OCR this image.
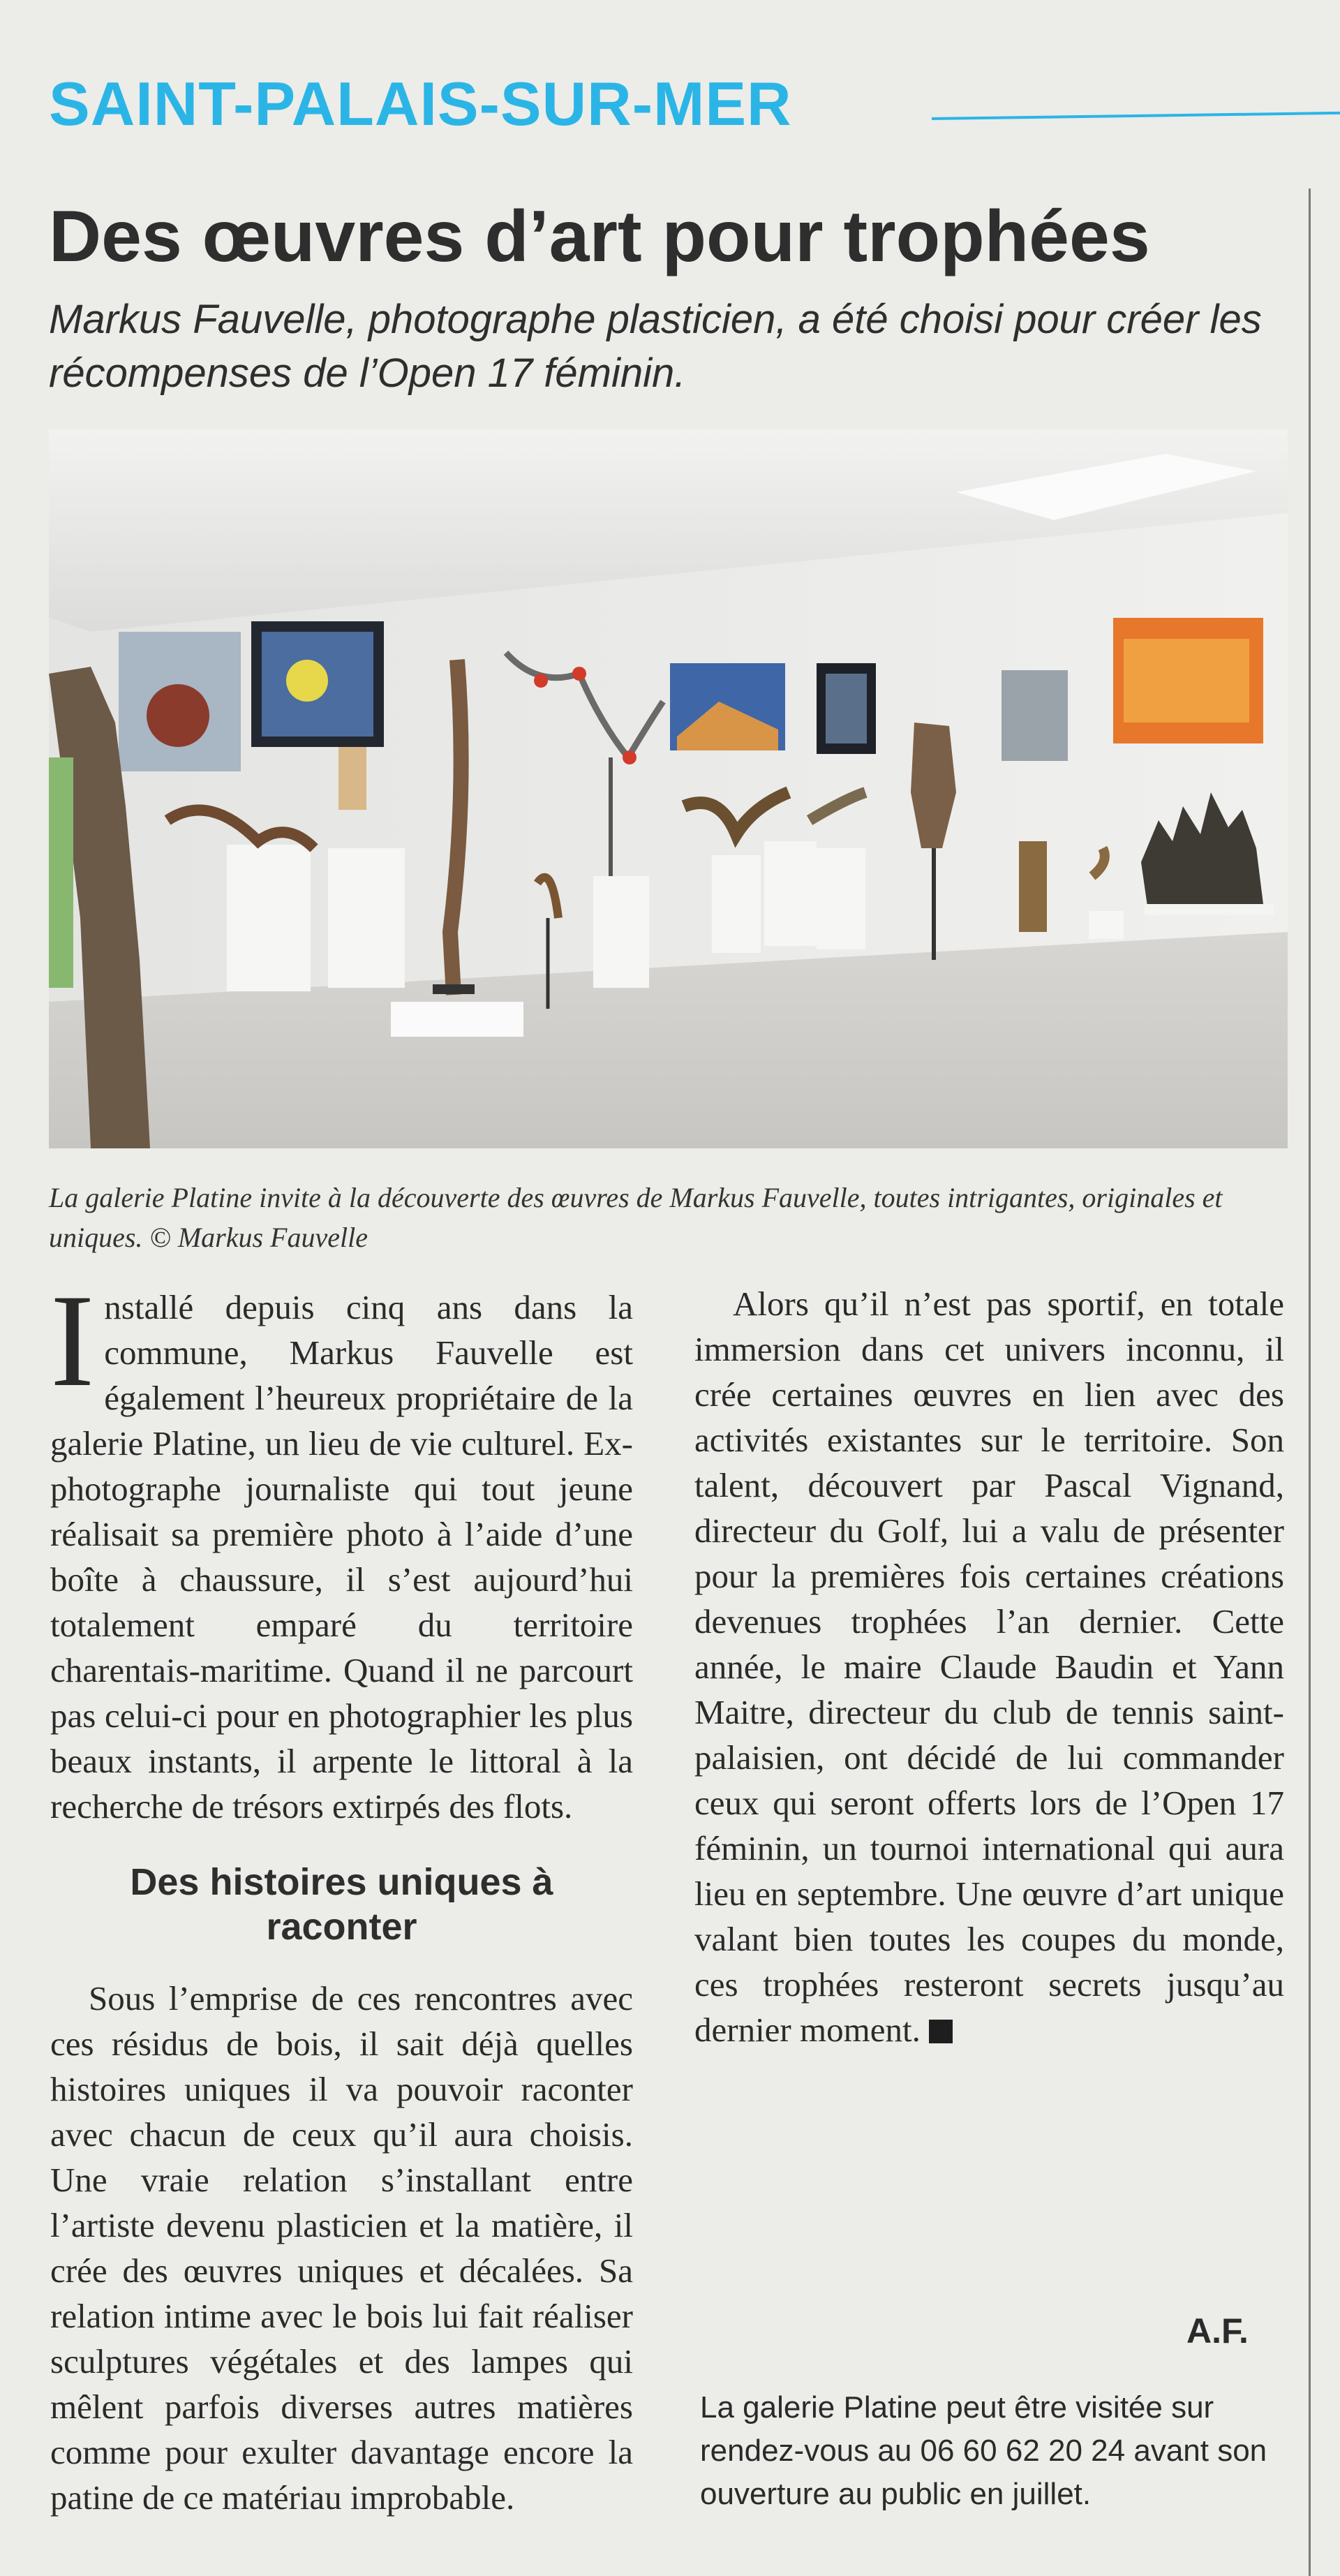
SAINT-PALAIS-SUR-MER
Des œuvres d’art pour trophées
Markus Fauvelle, photographe plasticien, a été choisi pour créer les récompenses de l’Open 17 féminin.
La galerie Platine invite à la découverte des œuvres de Markus Fauvelle, toutes intrigantes, originales et uniques. © Markus Fauvelle

Installé depuis cinq ans dans la commune, Markus Fauvelle est également l’heureux propriétaire de la galerie Platine, un lieu de vie culturel. Ex-photographe journaliste qui tout jeune réalisait sa première photo à l’aide d’une boîte à chaussure, il s’est aujourd’hui totalement emparé du territoire charentais-maritime. Quand il ne parcourt pas celui-ci pour en photographier les plus beaux instants, il arpente le littoral à la recherche de trésors extirpés des flots.

Des histoires uniques à raconter

Sous l’emprise de ces rencontres avec ces résidus de bois, il sait déjà quelles histoires uniques il va pouvoir raconter avec chacun de ceux qu’il aura choisis. Une vraie relation s’installant entre l’artiste devenu plasticien et la matière, il crée des œuvres uniques et décalées. Sa relation intime avec le bois lui fait réaliser sculptures végétales et des lampes qui mêlent parfois diverses autres matières comme pour exulter davantage encore la patine de ce matériau improbable.

Alors qu’il n’est pas sportif, en totale immersion dans cet univers inconnu, il crée certaines œuvres en lien avec des activités existantes sur le territoire. Son talent, découvert par Pascal Vignand, directeur du Golf, lui a valu de présenter pour la premières fois certaines créations devenues trophées l’an dernier. Cette année, le maire Claude Baudin et Yann Maitre, directeur du club de tennis saint-palaisien, ont décidé de lui commander ceux qui seront offerts lors de l’Open 17 féminin, un tournoi international qui aura lieu en septembre. Une œuvre d’art unique valant bien toutes les coupes du monde, ces trophées resteront secrets jusqu’au dernier moment.

A.F.
La galerie Platine peut être visitée sur rendez-vous au 06 60 62 20 24 avant son ouverture au public en juillet.
